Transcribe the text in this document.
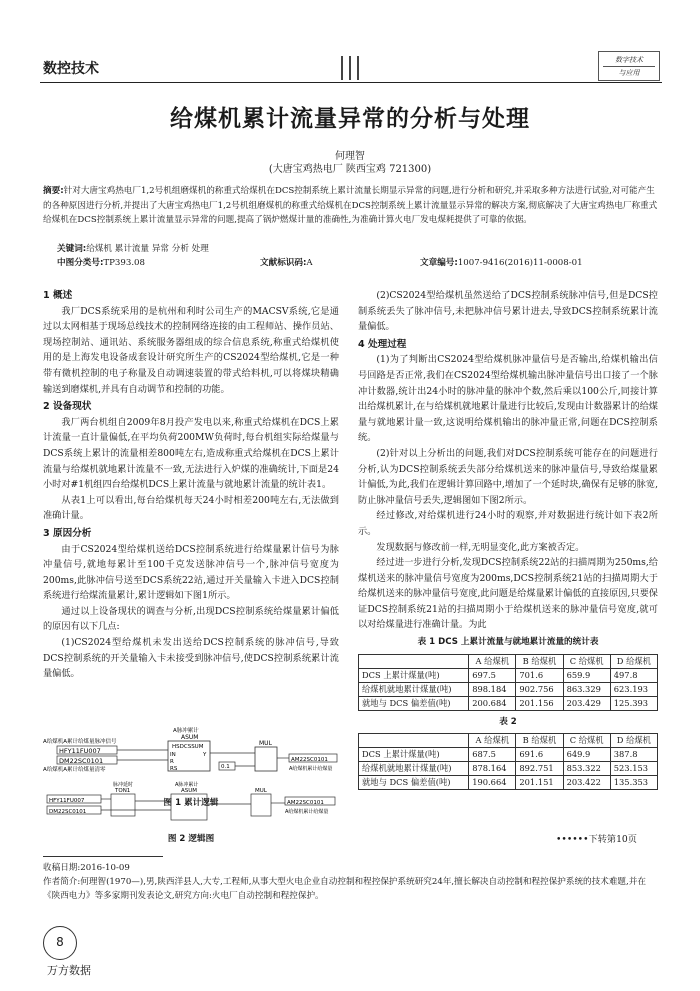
数控技术
数字技术
与应用
给煤机累计流量异常的分析与处理
何理智
(大唐宝鸡热电厂 陕西宝鸡 721300)
摘要:针对大唐宝鸡热电厂1,2号机组磨煤机的称重式给煤机在DCS控制系统上累计流量长期显示异常的问题,进行分析和研究,并采取多种方法进行试验,对可能产生的各种原因进行分析,并提出了大唐宝鸡热电厂1,2号机组磨煤机的称重式给煤机在DCS控制系统上累计流量显示异常的解决方案,彻底解决了大唐宝鸡热电厂称重式给煤机在DCS控制系统上累计流量显示异常的问题,提高了锅炉燃煤计量的准确性,为准确计算火电厂发电煤耗提供了可靠的依据。
关键词:给煤机 累计流量 异常 分析 处理
中图分类号:TP393.08	文献标识码:A	文章编号:1007-9416(2016)11-0008-01
1 概述

我厂DCS系统采用的是杭州和利时公司生产的MACSV系统,它是通过以太网相基于现场总线技术的控制网络连接的由工程师站、操作员站、现场控制站、通讯站、系统服务器组成的综合信息系统,称重式给煤机使用的是上海发电设备成套设计研究所生产的CS2024型给煤机,它是一种带有微机控制的电子称量及自动调速装置的带式给料机,可以将煤块精确输送到磨煤机,并具有自动调节和控制的功能。

2 设备现状

我厂两台机组自2009年8月投产发电以来,称重式给煤机在DCS上累计流量一直计量偏低,在平均负荷200MW负荷时,每台机组实际给煤量与DCS系统上累计的流量相差800吨左右,造成称重式给煤机在DCS上累计流量与给煤机就地累计流量不一致,无法进行入炉煤的准确统计,下面是24小时对#1机组四台给煤机DCS上累计流量与就地累计流量的统计表1。

从表1上可以看出,每台给煤机每天24小时相差200吨左右,无法做到准确计量。

3 原因分析

由于CS2024型给煤机送给DCS控制系统进行给煤量累计信号为脉冲量信号,就地每累计至100千克发送脉冲信号一个,脉冲信号宽度为200ms,此脉冲信号送至DCS系统22站,通过开关量输入卡进入DCS控制系统进行给煤流量累计,累计逻辑如下图1所示。

通过以上设备现状的调查与分析,出现DCS控制系统给煤量累计偏低的原因有以下几点:

(1)CS2024型给煤机未发出送给DCS控制系统的脉冲信号,导致DCS控制系统的开关量输入卡未接受到脉冲信号,使DCS控制系统累计流量偏低。

A给煤机A累计给煤量脉冲信号
HFY11FU007
DM22SC0101
A给煤机A累计给煤量清零
A脉冲累计
ASUM
HSDCSSUM
IN
R
RS
Y
0.1
MUL
AM22SC0101
A给煤机累计给煤量
图 1 累计逻辑

(2)CS2024型给煤机虽然送给了DCS控制系统脉冲信号,但是DCS控制系统丢失了脉冲信号,未把脉冲信号累计进去,导致DCS控制系统累计流量偏低。

4 处理过程

(1)为了判断出CS2024型给煤机脉冲量信号是否输出,给煤机输出信号回路是否正常,我们在CS2024型给煤机输出脉冲量信号出口接了一个脉冲计数器,统计出24小时的脉冲量的脉冲个数,然后乘以100公斤,同接计算出给煤机累计,在与给煤机就地累计量进行比较后,发现由计数器累计的给煤量与就地累计量一致,这说明给煤机输出的脉冲量正常,问题在DCS控制系统。

(2)针对以上分析出的问题,我们对DCS控制系统可能存在的问题进行分析,认为DCS控制系统丢失部分给煤机送来的脉冲量信号,导致给煤量累计偏低,为此,我们在逻辑计算回路中,增加了一个延时块,确保有足够的脉宽,防止脉冲量信号丢失,逻辑图如下图2所示。

经过修改,对给煤机进行24小时的观察,并对数据进行统计如下表2所示。

发现数据与修改前一样,无明显变化,此方案被否定。

经过进一步进行分析,发现DCS控制系统22站的扫描周期为250ms,给煤机送来的脉冲量信号宽度为200ms,DCS控制系统21站的扫描周期大于给煤机送来的脉冲量信号宽度,此问题是给煤量累计偏低的直接原因,只要保证DCS控制系统21站的扫描周期小于给煤机送来的脉冲量信号宽度,就可以对给煤量进行准确计量。为此

表 1 DCS 上累计流量与就地累计流量的统计表
	A 给煤机	B 给煤机	C 给煤机	D 给煤机
DCS 上累计煤量(吨)	697.5	701.6	659.9	497.8
给煤机就地累计煤量(吨)	898.184	902.756	863.329	623.193
就地与 DCS 偏差值(吨)	200.684	201.156	203.429	125.393
表 2
	A 给煤机	B 给煤机	C 给煤机	D 给煤机
DCS 上累计煤量(吨)	687.5	691.6	649.9	387.8
给煤机就地累计煤量(吨)	878.164	892.751	853.322	523.153
就地与 DCS 偏差值(吨)	190.664	201.151	203.422	135.353
HFY11FU007
DM22SC0101
脉冲延时
TON1
A脉冲累计
ASUM	MUL
AM22SC0101
A给煤机累计给煤量
图 2 逻辑图	••••••下转第10页
收稿日期:2016-10-09
作者简介:何理智(1970—),男,陕西洋县人,大专,工程师,从事大型火电企业自动控制和程控保护系统研究24年,擅长解决自动控制和程控保护系统的技术难题,并在《陕西电力》等多家期刊发表论文,研究方向:火电厂自动控制和程控保护。
8
万方数据
